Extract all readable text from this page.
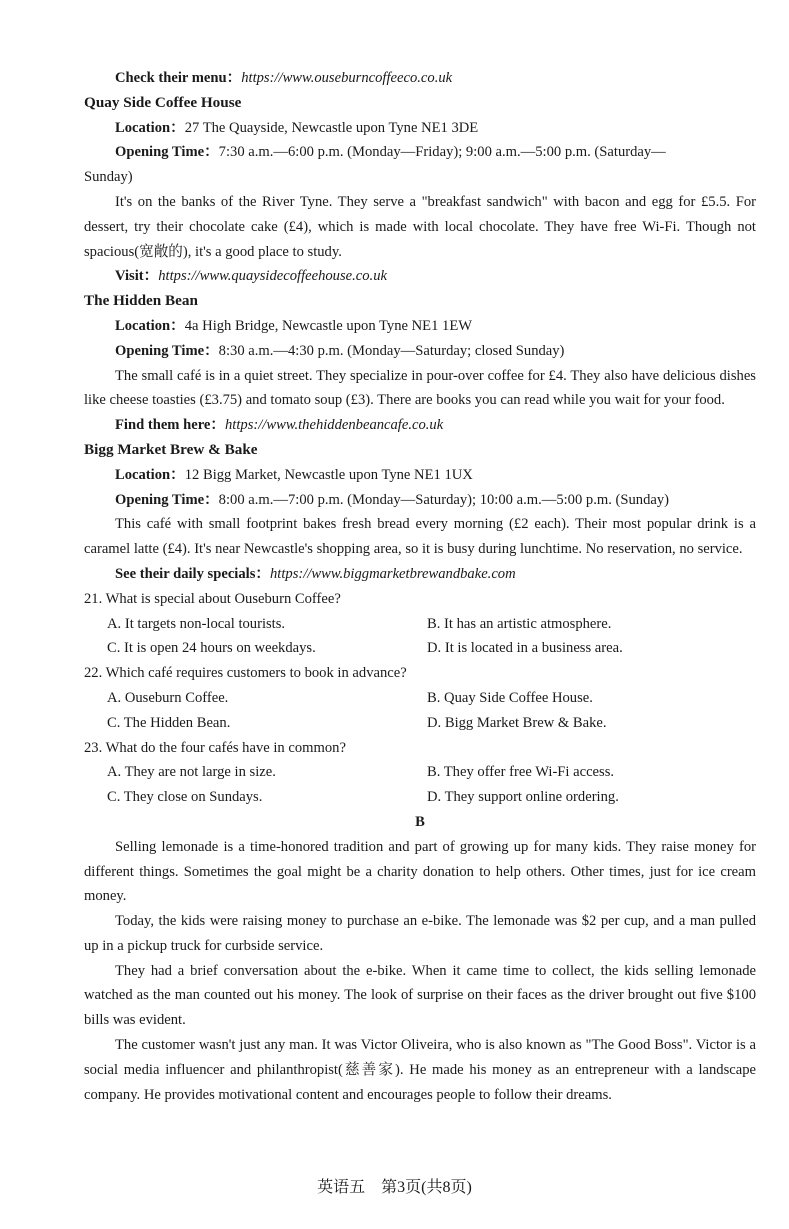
Check their menu：https://www.ouseburncoffeeco.co.uk
Quay Side Coffee House
Location：27 The Quayside, Newcastle upon Tyne NE1 3DE
Opening Time：7:30 a.m.—6:00 p.m. (Monday—Friday); 9:00 a.m.—5:00 p.m. (Saturday—
Sunday)
It's on the banks of the River Tyne. They serve a "breakfast sandwich" with bacon and egg for £5.5. For dessert, try their chocolate cake (£4), which is made with local chocolate. They have free Wi-Fi. Though not spacious(宽敞的), it's a good place to study.
Visit：https://www.quaysidecoffeehouse.co.uk
The Hidden Bean
Location：4a High Bridge, Newcastle upon Tyne NE1 1EW
Opening Time：8:30 a.m.—4:30 p.m. (Monday—Saturday; closed Sunday)
The small café is in a quiet street. They specialize in pour-over coffee for £4. They also have delicious dishes like cheese toasties (£3.75) and tomato soup (£3). There are books you can read while you wait for your food.
Find them here：https://www.thehiddenbeancafe.co.uk
Bigg Market Brew & Bake
Location：12 Bigg Market, Newcastle upon Tyne NE1 1UX
Opening Time：8:00 a.m.—7:00 p.m. (Monday—Saturday); 10:00 a.m.—5:00 p.m. (Sunday)
This café with small footprint bakes fresh bread every morning (£2 each). Their most popular drink is a caramel latte (£4). It's near Newcastle's shopping area, so it is busy during lunchtime. No reservation, no service.
See their daily specials：https://www.biggmarketbrewandbake.com
21. What is special about Ouseburn Coffee?
A. It targets non-local tourists.	B. It has an artistic atmosphere.
C. It is open 24 hours on weekdays.	D. It is located in a business area.
22. Which café requires customers to book in advance?
A. Ouseburn Coffee.	B. Quay Side Coffee House.
C. The Hidden Bean.	D. Bigg Market Brew & Bake.
23. What do the four cafés have in common?
A. They are not large in size.	B. They offer free Wi-Fi access.
C. They close on Sundays.	D. They support online ordering.
B
Selling lemonade is a time-honored tradition and part of growing up for many kids. They raise money for different things. Sometimes the goal might be a charity donation to help others. Other times, just for ice cream money.
Today, the kids were raising money to purchase an e-bike. The lemonade was $2 per cup, and a man pulled up in a pickup truck for curbside service.
They had a brief conversation about the e-bike. When it came time to collect, the kids selling lemonade watched as the man counted out his money. The look of surprise on their faces as the driver brought out five $100 bills was evident.
The customer wasn't just any man. It was Victor Oliveira, who is also known as "The Good Boss". Victor is a social media influencer and philanthropist(慈善家). He made his money as an entrepreneur with a landscape company. He provides motivational content and encourages people to follow their dreams.
英语五　第3页(共8页)
